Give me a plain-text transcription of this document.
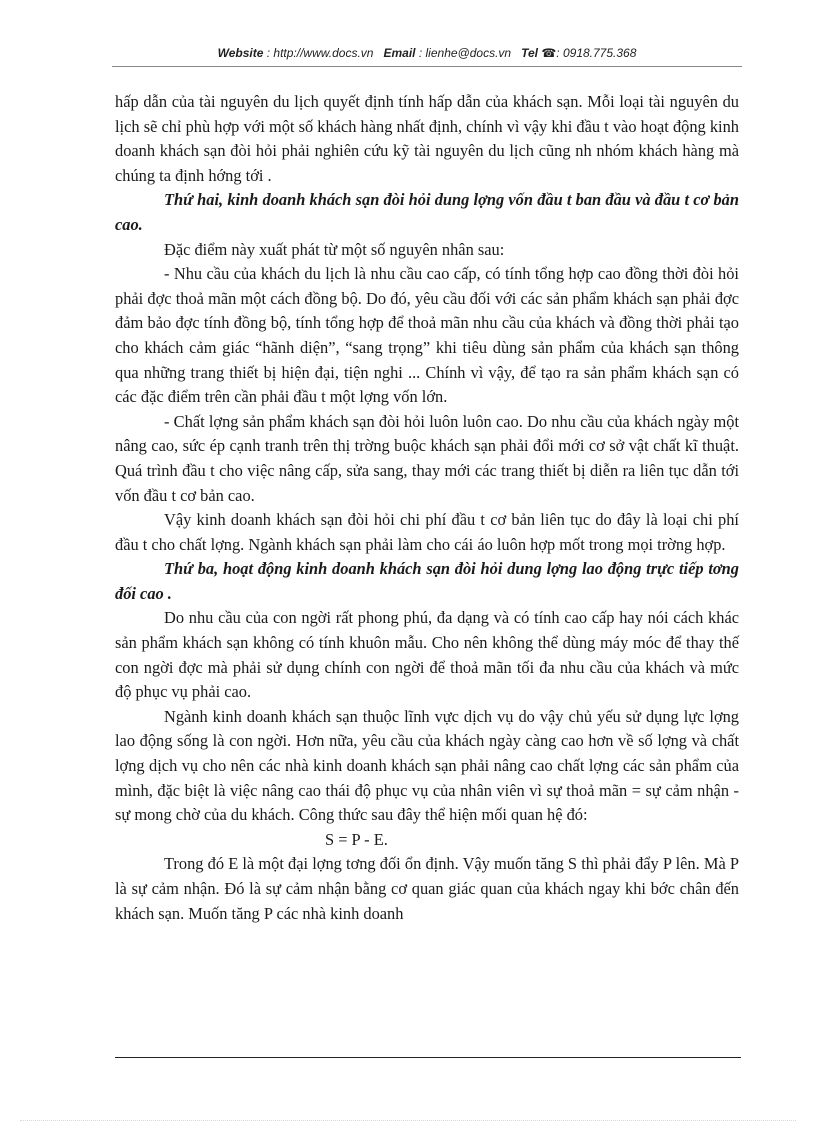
Website : http://www.docs.vn Email : lienhe@docs.vn Tel ☎: 0918.775.368

hấp dẫn của tài nguyên du lịch quyết định tính hấp dẫn của khách sạn. Mỗi loại tài nguyên du lịch sẽ chỉ phù hợp với một số khách hàng nhất định, chính vì vậy khi đầu t vào hoạt động kinh doanh khách sạn đòi hỏi phải nghiên cứu kỹ tài nguyên du lịch cũng nh nhóm khách hàng mà chúng ta định hớng tới .

Thứ hai, kinh doanh khách sạn đòi hỏi dung lợng vốn đầu t ban đầu và đầu t cơ bản cao.

Đặc điểm này xuất phát từ một số nguyên nhân sau:

- Nhu cầu của khách du lịch là nhu cầu cao cấp, có tính tổng hợp cao đồng thời đòi hỏi phải đợc thoả mãn một cách đồng bộ. Do đó, yêu cầu đối với các sản phẩm khách sạn phải đợc đảm bảo đợc tính đồng bộ, tính tổng hợp để thoả mãn nhu cầu của khách và đồng thời phải tạo cho khách cảm giác “hãnh diện”, “sang trọng” khi tiêu dùng sản phẩm của khách sạn thông qua những trang thiết bị hiện đại, tiện nghi ... Chính vì vậy, để tạo ra sản phẩm khách sạn có các đặc điểm trên cần phải đầu t một lợng vốn lớn.

- Chất lợng sản phẩm khách sạn đòi hỏi luôn luôn cao. Do nhu cầu của khách ngày một nâng cao, sức ép cạnh tranh trên thị trờng buộc khách sạn phải đổi mới cơ sở vật chất kĩ thuật. Quá trình đầu t cho việc nâng cấp, sửa sang, thay mới các trang thiết bị diễn ra liên tục dẫn tới vốn đầu t cơ bản cao.

Vậy kinh doanh khách sạn đòi hỏi chi phí đầu t cơ bản liên tục do đây là loại chi phí đầu t cho chất lợng. Ngành khách sạn phải làm cho cái áo luôn hợp mốt trong mọi trờng hợp.

Thứ ba, hoạt động kinh doanh khách sạn đòi hỏi dung lợng lao động trực tiếp tơng đối cao .

Do nhu cầu của con ngời rất phong phú, đa dạng và có tính cao cấp hay nói cách khác sản phẩm khách sạn không có tính khuôn mẫu. Cho nên không thể dùng máy móc để thay thế con ngời đợc mà phải sử dụng chính con ngời để thoả mãn tối đa nhu cầu của khách và mức độ phục vụ phải cao.

Ngành kinh doanh khách sạn thuộc lĩnh vực dịch vụ do vậy chủ yếu sử dụng lực lợng lao động sống là con ngời. Hơn nữa, yêu cầu của khách ngày càng cao hơn về số lợng và chất lợng dịch vụ cho nên các nhà kinh doanh khách sạn phải nâng cao chất lợng các sản phẩm của mình, đặc biệt là việc nâng cao thái độ phục vụ của nhân viên vì sự thoả mãn = sự cảm nhận - sự mong chờ của du khách. Công thức sau đây thể hiện mối quan hệ đó:

S = P - E.

Trong đó E là một đại lợng tơng đối ổn định. Vậy muốn tăng S thì phải đẩy P lên. Mà P là sự cảm nhận. Đó là sự cảm nhận bằng cơ quan giác quan của khách ngay khi bớc chân đến khách sạn. Muốn tăng P các nhà kinh doanh
